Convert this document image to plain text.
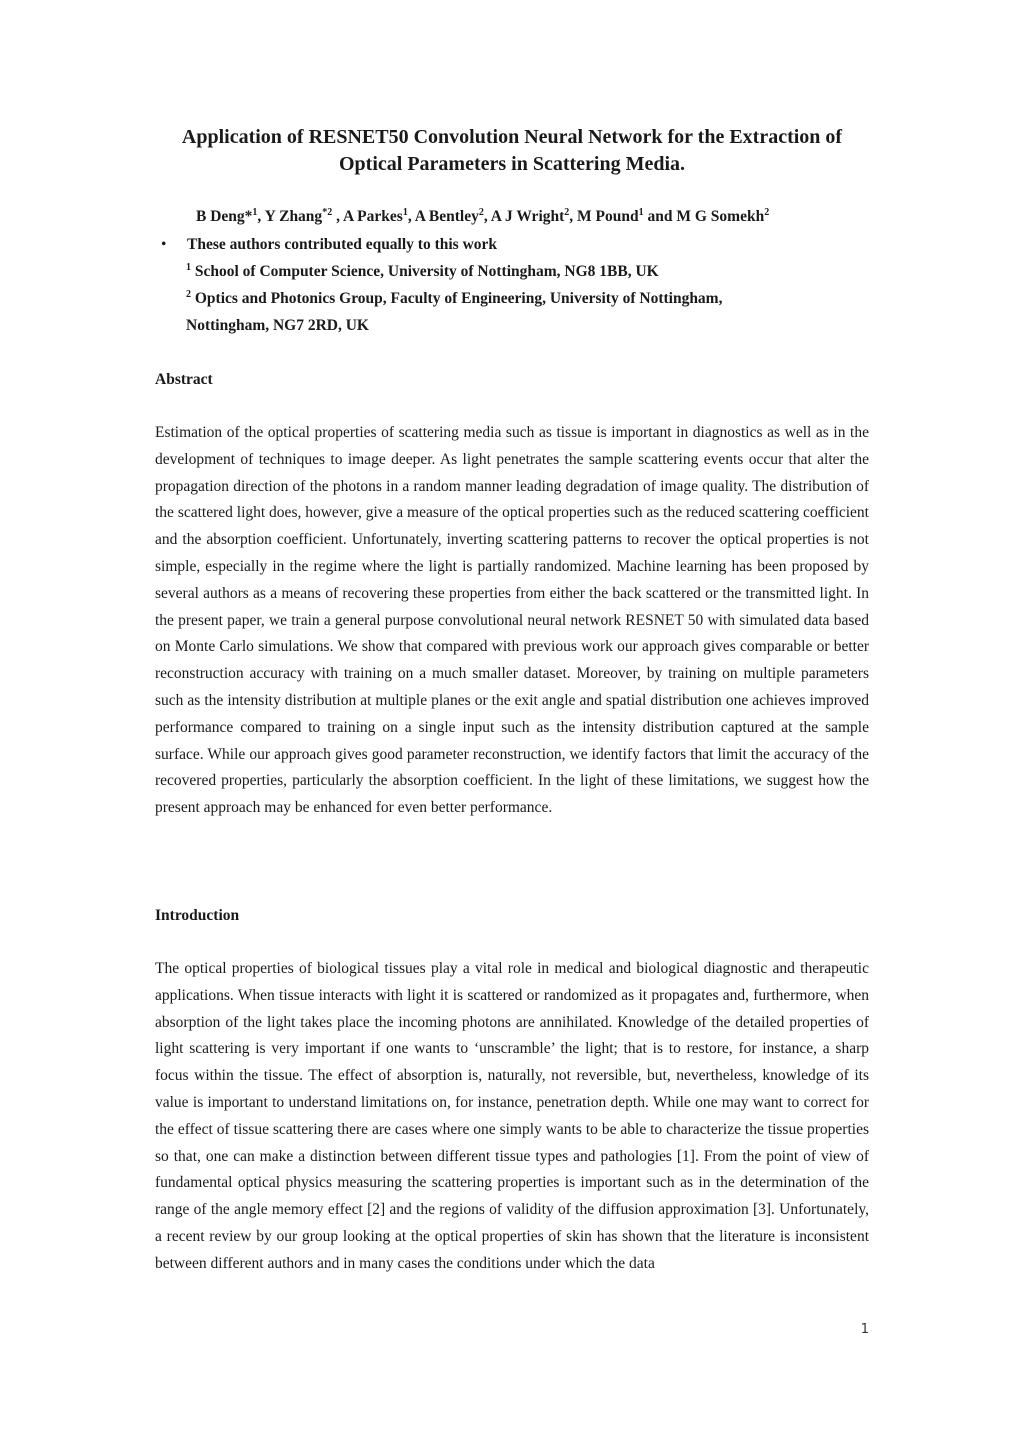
Application of RESNET50 Convolution Neural Network for the Extraction of
Optical Parameters in Scattering Media.
B Deng*$^1$, Y Zhang$^{*2}$ , A Parkes$^1$, A Bentley$^2$, A J Wright$^2$, M Pound$^1$ and M G Somekh$^2$
• These authors contributed equally to this work
$^1$ School of Computer Science, University of Nottingham, NG8 1BB, UK
$^2$ Optics and Photonics Group, Faculty of Engineering, University of Nottingham,
Nottingham, NG7 2RD, UK
Abstract
Estimation of the optical properties of scattering media such as tissue is important in diagnostics as well as in the development of techniques to image deeper. As light penetrates the sample scattering events occur that alter the propagation direction of the photons in a random manner leading degradation of image quality. The distribution of the scattered light does, however, give a measure of the optical properties such as the reduced scattering coefficient and the absorption coefficient. Unfortunately, inverting scattering patterns to recover the optical properties is not simple, especially in the regime where the light is partially randomized. Machine learning has been proposed by several authors as a means of recovering these properties from either the back scattered or the transmitted light. In the present paper, we train a general purpose convolutional neural network RESNET 50 with simulated data based on Monte Carlo simulations. We show that compared with previous work our approach gives comparable or better reconstruction accuracy with training on a much smaller dataset. Moreover, by training on multiple parameters such as the intensity distribution at multiple planes or the exit angle and spatial distribution one achieves improved performance compared to training on a single input such as the intensity distribution captured at the sample surface. While our approach gives good parameter reconstruction, we identify factors that limit the accuracy of the recovered properties, particularly the absorption coefficient. In the light of these limitations, we suggest how the present approach may be enhanced for even better performance.
Introduction
The optical properties of biological tissues play a vital role in medical and biological diagnostic and therapeutic applications. When tissue interacts with light it is scattered or randomized as it propagates and, furthermore, when absorption of the light takes place the incoming photons are annihilated. Knowledge of the detailed properties of light scattering is very important if one wants to ‘unscramble’ the light; that is to restore, for instance, a sharp focus within the tissue. The effect of absorption is, naturally, not reversible, but, nevertheless, knowledge of its value is important to understand limitations on, for instance, penetration depth. While one may want to correct for the effect of tissue scattering there are cases where one simply wants to be able to characterize the tissue properties so that, one can make a distinction between different tissue types and pathologies [1]. From the point of view of fundamental optical physics measuring the scattering properties is important such as in the determination of the range of the angle memory effect [2] and the regions of validity of the diffusion approximation [3]. Unfortunately, a recent review by our group looking at the optical properties of skin has shown that the literature is inconsistent between different authors and in many cases the conditions under which the data
1
